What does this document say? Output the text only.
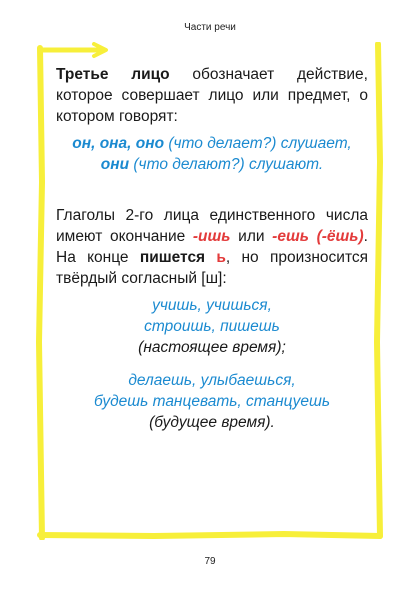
Части речи

Третье лицо обозначает действие, которое совершает лицо или предмет, о котором говорят:

он, она, оно (что делает?) слушает,
они (что делают?) слушают.

Глаголы 2-го лица единственного числа имеют окончание -ишь или -ешь (-ёшь). На конце пишется ь, но произносится твёрдый согласный [ш]:

учишь, учишься,
строишь, пишешь
(настоящее время);
делаешь, улыбаешься,
будешь танцевать, станцуешь
(будущее время).
79
